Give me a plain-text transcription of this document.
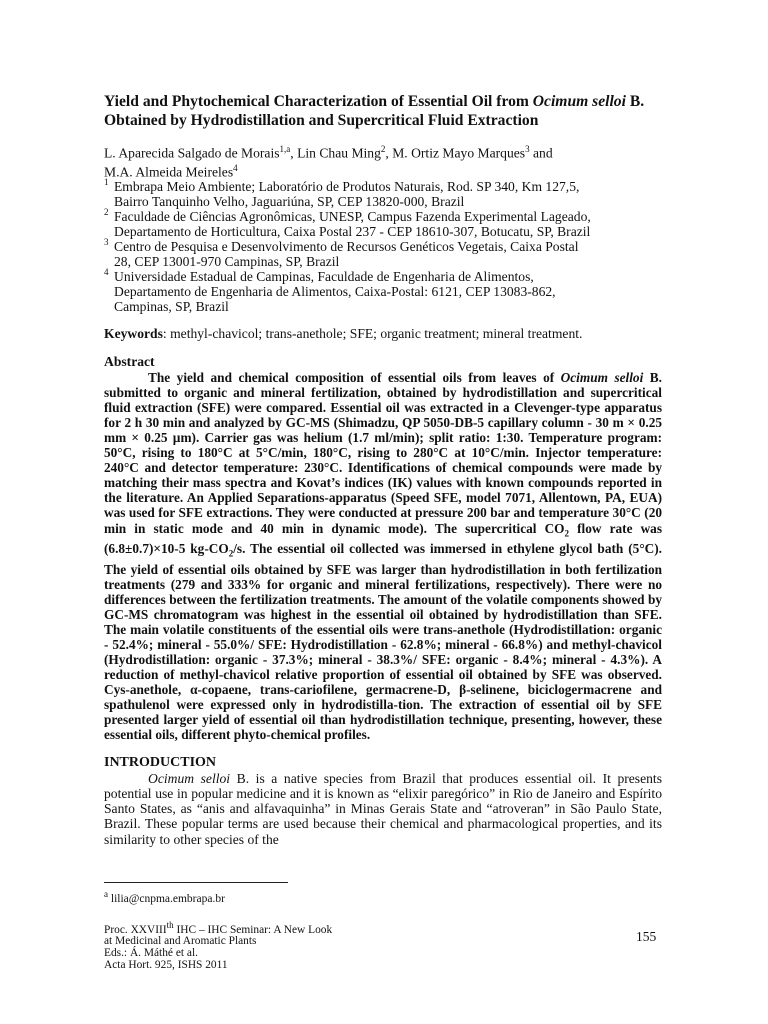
Yield and Phytochemical Characterization of Essential Oil from Ocimum selloi B. Obtained by Hydrodistillation and Supercritical Fluid Extraction
L. Aparecida Salgado de Morais$^{1,a}$, Lin Chau Ming$^2$, M. Ortiz Mayo Marques$^3$ and
M.A. Almeida Meireles$^4$
1 Embrapa Meio Ambiente; Laboratório de Produtos Naturais, Rod. SP 340, Km 127,5,
Bairro Tanquinho Velho, Jaguariúna, SP, CEP 13820-000, Brazil
2 Faculdade de Ciências Agronômicas, UNESP, Campus Fazenda Experimental Lageado,
Departamento de Horticultura, Caixa Postal 237 - CEP 18610-307, Botucatu, SP, Brazil
3 Centro de Pesquisa e Desenvolvimento de Recursos Genéticos Vegetais, Caixa Postal
28, CEP 13001-970 Campinas, SP, Brazil
4 Universidade Estadual de Campinas, Faculdade de Engenharia de Alimentos,
Departamento de Engenharia de Alimentos, Caixa-Postal: 6121, CEP 13083-862,
Campinas, SP, Brazil
Keywords: methyl-chavicol; trans-anethole; SFE; organic treatment; mineral treatment.
Abstract

The yield and chemical composition of essential oils from leaves of Ocimum selloi B. submitted to organic and mineral fertilization, obtained by hydrodistillation and supercritical fluid extraction (SFE) were compared. Essential oil was extracted in a Clevenger-type apparatus for 2 h 30 min and analyzed by GC-MS (Shimadzu, QP 5050-DB-5 capillary column - 30 m × 0.25 mm × 0.25 µm). Carrier gas was helium (1.7 ml/min); split ratio: 1:30. Temperature program: 50°C, rising to 180°C at 5°C/min, 180°C, rising to 280°C at 10°C/min. Injector temperature: 240°C and detector temperature: 230°C. Identifications of chemical compounds were made by matching their mass spectra and Kovat’s indices (IK) values with known compounds reported in the literature. An Applied Separations-apparatus (Speed SFE, model 7071, Allentown, PA, EUA) was used for SFE extractions. They were conducted at pressure 200 bar and temperature 30°C (20 min in static mode and 40 min in dynamic mode). The supercritical $CO_2$ flow rate was (6.8±0.7)×10-5 $kg-CO_2/s$. The essential oil collected was immersed in ethylene glycol bath (5°C). The yield of essential oils obtained by SFE was larger than hydrodistillation in both fertilization treatments (279 and 333% for organic and mineral fertilizations, respectively). There were no differences between the fertilization treatments. The amount of the volatile components showed by GC-MS chromatogram was highest in the essential oil obtained by hydrodistillation than SFE. The main volatile constituents of the essential oils were trans-anethole (Hydrodistillation: organic - 52.4%; mineral - 55.0%/ SFE: Hydrodistillation - 62.8%; mineral - 66.8%) and methyl-chavicol (Hydrodistillation: organic - 37.3%; mineral - 38.3%/ SFE: organic - 8.4%; mineral - 4.3%). A reduction of methyl-chavicol relative proportion of essential oil obtained by SFE was observed. Cys-anethole, α-copaene, trans-cariofilene, germacrene-D, β-selinene, biciclogermacrene and spathulenol were expressed only in hydrodistilla-tion. The extraction of essential oil by SFE presented larger yield of essential oil than hydrodistillation technique, presenting, however, these essential oils, different phyto-chemical profiles.

INTRODUCTION

Ocimum selloi B. is a native species from Brazil that produces essential oil. It presents potential use in popular medicine and it is known as “elixir paregórico” in Rio de Janeiro and Espírito Santo States, as “anis and alfavaquinha” in Minas Gerais State and “atroveran” in São Paulo State, Brazil. These popular terms are used because their chemical and pharmacological properties, and its similarity to other species of the

$^a$ lilia@cnpma.embrapa.br
Proc. XXVIIIth IHC – IHC Seminar: A New Look
at Medicinal and Aromatic Plants
Eds.: Á. Máthé et al.
Acta Hort. 925, ISHS 2011
155
